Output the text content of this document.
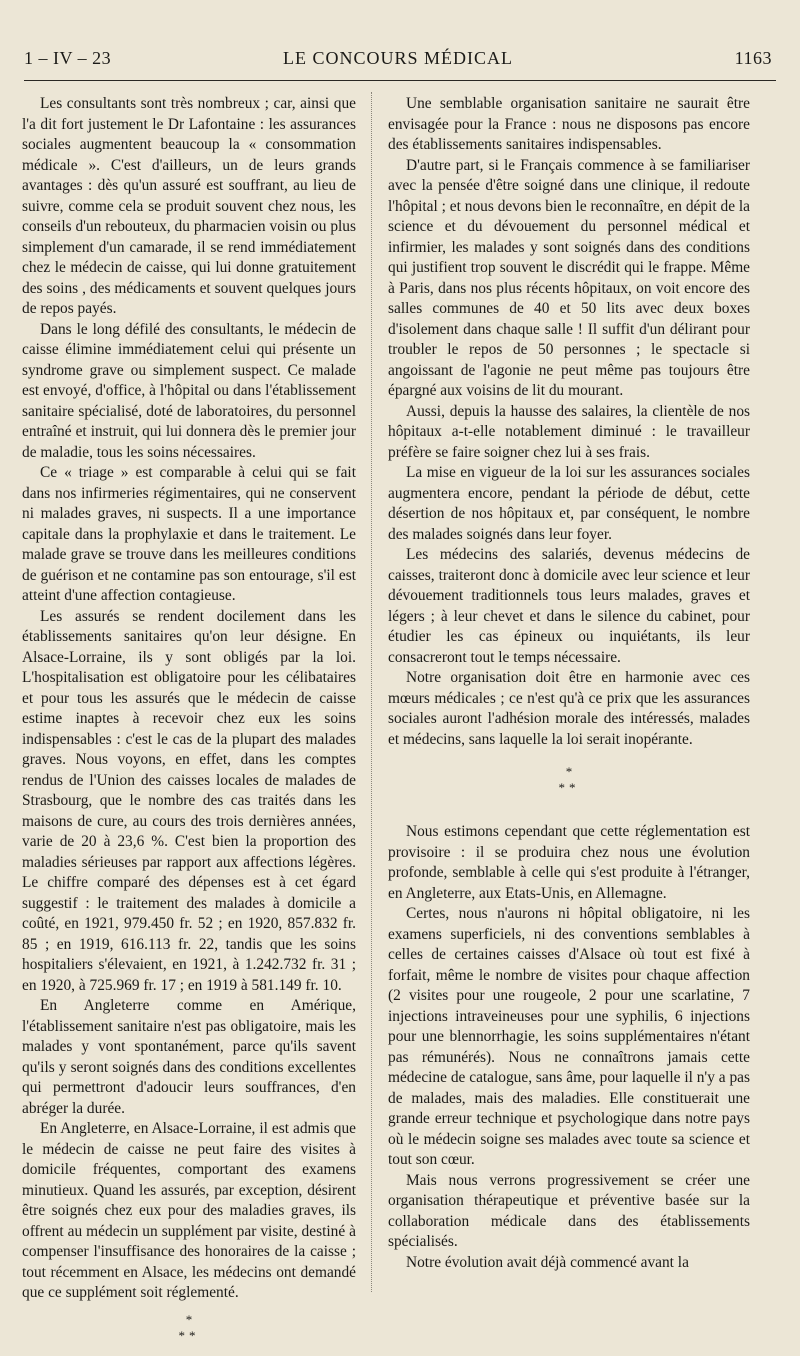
1 – IV – 23	LE CONCOURS MÉDICAL	1163

Les consultants sont très nombreux ; car, ainsi que l'a dit fort justement le Dr Lafontaine : les assurances sociales augmentent beaucoup la « consommation médicale ». C'est d'ailleurs, un de leurs grands avantages : dès qu'un assuré est souffrant, au lieu de suivre, comme cela se produit souvent chez nous, les conseils d'un rebouteux, du pharmacien voisin ou plus simplement d'un camarade, il se rend immédiatement chez le médecin de caisse, qui lui donne gratuitement des soins , des médicaments et souvent quelques jours de repos payés.

Dans le long défilé des consultants, le médecin de caisse élimine immédiatement celui qui présente un syndrome grave ou simplement suspect. Ce malade est envoyé, d'office, à l'hôpital ou dans l'établissement sanitaire spécialisé, doté de laboratoires, du personnel entraîné et instruit, qui lui donnera dès le premier jour de maladie, tous les soins nécessaires.

Ce « triage » est comparable à celui qui se fait dans nos infirmeries régimentaires, qui ne conservent ni malades graves, ni suspects. Il a une importance capitale dans la prophylaxie et dans le traitement. Le malade grave se trouve dans les meilleures conditions de guérison et ne contamine pas son entourage, s'il est atteint d'une affection contagieuse.

Les assurés se rendent docilement dans les établissements sanitaires qu'on leur désigne. En Alsace-Lorraine, ils y sont obligés par la loi. L'hospitalisation est obligatoire pour les célibataires et pour tous les assurés que le médecin de caisse estime inaptes à recevoir chez eux les soins indispensables : c'est le cas de la plupart des malades graves. Nous voyons, en effet, dans les comptes rendus de l'Union des caisses locales de malades de Strasbourg, que le nombre des cas traités dans les maisons de cure, au cours des trois dernières années, varie de 20 à 23,6 %. C'est bien la proportion des maladies sérieuses par rapport aux affections légères. Le chiffre comparé des dépenses est à cet égard suggestif : le traitement des malades à domicile a coûté, en 1921, 979.450 fr. 52 ; en 1920, 857.832 fr. 85 ; en 1919, 616.113 fr. 22, tandis que les soins hospitaliers s'élevaient, en 1921, à 1.242.732 fr. 31 ; en 1920, à 725.969 fr. 17 ; en 1919 à 581.149 fr. 10.

En Angleterre comme en Amérique, l'établissement sanitaire n'est pas obligatoire, mais les malades y vont spontanément, parce qu'ils savent qu'ils y seront soignés dans des conditions excellentes qui permettront d'adoucir leurs souffrances, d'en abréger la durée.

En Angleterre, en Alsace-Lorraine, il est admis que le médecin de caisse ne peut faire des visites à domicile fréquentes, comportant des examens minutieux. Quand les assurés, par exception, désirent être soignés chez eux pour des maladies graves, ils offrent au médecin un supplément par visite, destiné à compenser l'insuffisance des honoraires de la caisse ; tout récemment en Alsace, les médecins ont demandé que ce supplément soit réglementé.

*
**

Une semblable organisation sanitaire ne saurait être envisagée pour la France : nous ne disposons pas encore des établissements sanitaires indispensables.

D'autre part, si le Français commence à se familiariser avec la pensée d'être soigné dans une clinique, il redoute l'hôpital ; et nous devons bien le reconnaître, en dépit de la science et du dévouement du personnel médical et infirmier, les malades y sont soignés dans des conditions qui justifient trop souvent le discrédit qui le frappe. Même à Paris, dans nos plus récents hôpitaux, on voit encore des salles communes de 40 et 50 lits avec deux boxes d'isolement dans chaque salle ! Il suffit d'un délirant pour troubler le repos de 50 personnes ; le spectacle si angoissant de l'agonie ne peut même pas toujours être épargné aux voisins de lit du mourant.

Aussi, depuis la hausse des salaires, la clientèle de nos hôpitaux a-t-elle notablement diminué : le travailleur préfère se faire soigner chez lui à ses frais.

La mise en vigueur de la loi sur les assurances sociales augmentera encore, pendant la période de début, cette désertion de nos hôpitaux et, par conséquent, le nombre des malades soignés dans leur foyer.

Les médecins des salariés, devenus médecins de caisses, traiteront donc à domicile avec leur science et leur dévouement traditionnels tous leurs malades, graves et légers ; à leur chevet et dans le silence du cabinet, pour étudier les cas épineux ou inquiétants, ils leur consacreront tout le temps nécessaire.

Notre organisation doit être en harmonie avec ces mœurs médicales ; ce n'est qu'à ce prix que les assurances sociales auront l'adhésion morale des intéressés, malades et médecins, sans laquelle la loi serait inopérante.

*
**

Nous estimons cependant que cette réglementation est provisoire : il se produira chez nous une évolution profonde, semblable à celle qui s'est produite à l'étranger, en Angleterre, aux Etats-Unis, en Allemagne.

Certes, nous n'aurons ni hôpital obligatoire, ni les examens superficiels, ni des conventions semblables à celles de certaines caisses d'Alsace où tout est fixé à forfait, même le nombre de visites pour chaque affection (2 visites pour une rougeole, 2 pour une scarlatine, 7 injections intraveineuses pour une syphilis, 6 injections pour une blennorrhagie, les soins supplémentaires n'étant pas rémunérés). Nous ne connaîtrons jamais cette médecine de catalogue, sans âme, pour laquelle il n'y a pas de malades, mais des maladies. Elle constituerait une grande erreur technique et psychologique dans notre pays où le médecin soigne ses malades avec toute sa science et tout son cœur.

Mais nous verrons progressivement se créer une organisation thérapeutique et préventive basée sur la collaboration médicale dans des établissements spécialisés.

Notre évolution avait déjà commencé avant la
